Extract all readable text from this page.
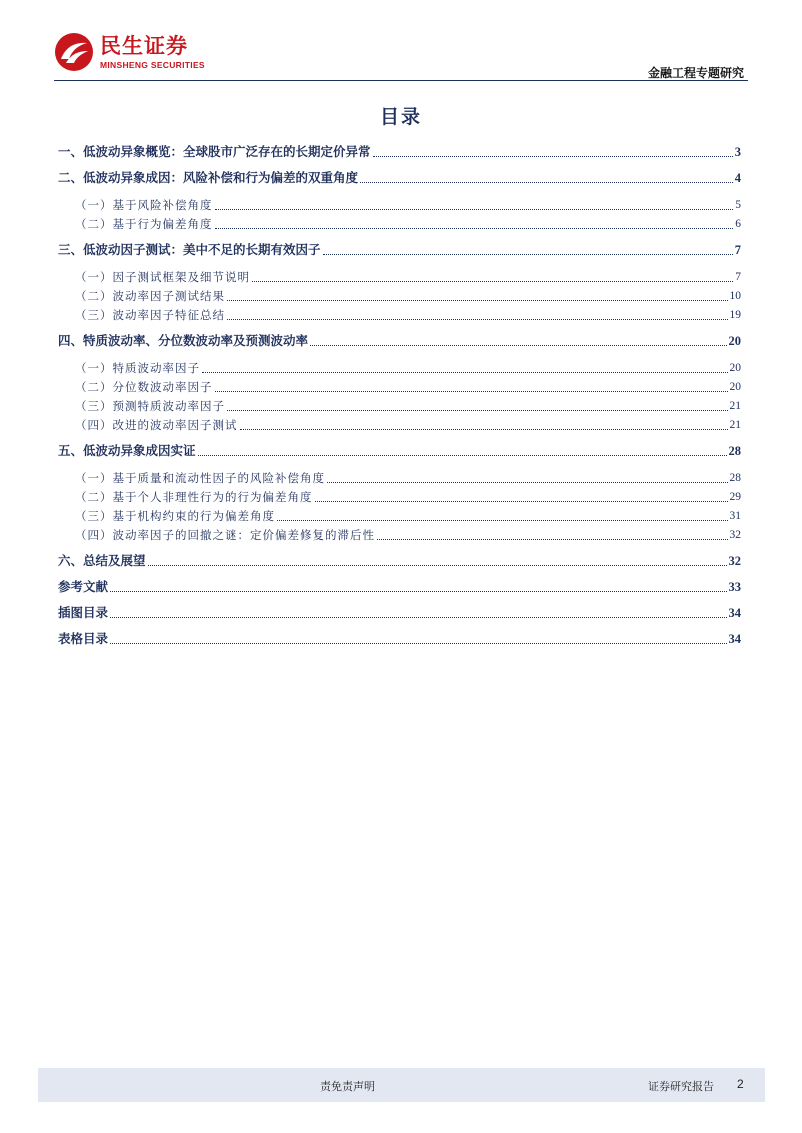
民生证券
MINSHENG SECURITIES
金融工程专题研究
目录
一、低波动异象概览：全球股市广泛存在的长期定价异常	3
二、低波动异象成因：风险补偿和行为偏差的双重角度	4
（一）基于风险补偿角度	5
（二）基于行为偏差角度	6
三、低波动因子测试：美中不足的长期有效因子	7
（一）因子测试框架及细节说明	7
（二）波动率因子测试结果	10
（三）波动率因子特征总结	19
四、特质波动率、分位数波动率及预测波动率	20
（一）特质波动率因子	20
（二）分位数波动率因子	20
（三）预测特质波动率因子	21
（四）改进的波动率因子测试	21
五、低波动异象成因实证	28
（一）基于质量和流动性因子的风险补偿角度	28
（二）基于个人非理性行为的行为偏差角度	29
（三）基于机构约束的行为偏差角度	31
（四）波动率因子的回撤之谜：定价偏差修复的滞后性	32
六、总结及展望	32
参考文献	33
插图目录	34
表格目录	34
责免责声明	证券研究报告 2
